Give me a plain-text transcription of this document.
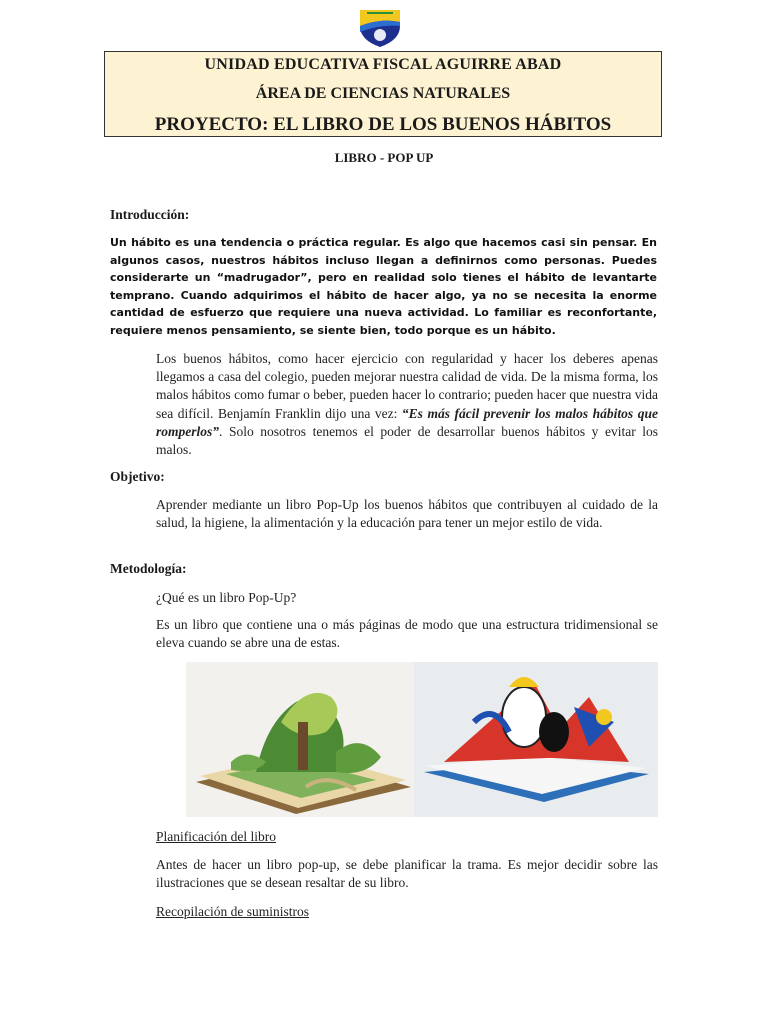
UNIDAD EDUCATIVA FISCAL AGUIRRE ABAD
ÁREA DE CIENCIAS NATURALES
PROYECTO: EL LIBRO DE LOS BUENOS HÁBITOS
LIBRO - POP UP
Introducción:
Un hábito es una tendencia o práctica regular. Es algo que hacemos casi sin pensar. En algunos casos, nuestros hábitos incluso llegan a definirnos como personas. Puedes considerarte un “madrugador”, pero en realidad solo tienes el hábito de levantarte temprano. Cuando adquirimos el hábito de hacer algo, ya no se necesita la enorme cantidad de esfuerzo que requiere una nueva actividad. Lo familiar es reconfortante, requiere menos pensamiento, se siente bien, todo porque es un hábito.
Los buenos hábitos, como hacer ejercicio con regularidad y hacer los deberes apenas llegamos a casa del colegio, pueden mejorar nuestra calidad de vida. De la misma forma, los malos hábitos como fumar o beber, pueden hacer lo contrario; pueden hacer que nuestra vida sea difícil. Benjamín Franklin dijo una vez: “Es más fácil prevenir los malos hábitos que romperlos”. Solo nosotros tenemos el poder de desarrollar buenos hábitos y evitar los malos.
Objetivo:
Aprender mediante un libro Pop-Up los buenos hábitos que contribuyen al cuidado de la salud, la higiene, la alimentación y la educación para tener un mejor estilo de vida.
Metodología:
¿Qué es un libro Pop-Up?
Es un libro que contiene una o más páginas de modo que una estructura tridimensional se eleva cuando se abre una de estas.
Planificación del libro
Antes de hacer un libro pop-up, se debe planificar la trama. Es mejor decidir sobre las ilustraciones que se desean resaltar de su libro.
Recopilación de suministros
